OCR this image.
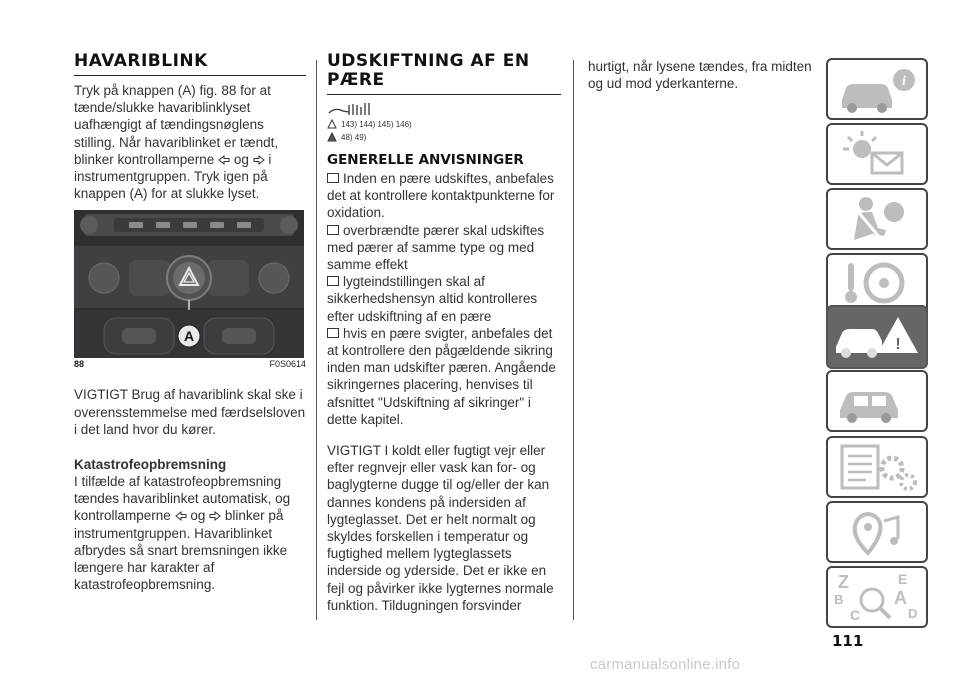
HAVARIBLINK

Tryk på knappen (A) fig. 88 for at tænde/slukke havariblinklyset uafhængigt af tændingsnøglens stilling. Når havariblinket er tændt, blinker kontrollamperne  og  i instrumentgruppen. Tryk igen på knappen (A) for at slukke lyset.

A
88	F0S0614

VIGTIGT Brug af havariblink skal ske i overensstemmelse med færdselsloven i det land hvor du kører.

Katastrofeopbremsning

I tilfælde af katastrofeopbremsning tændes havariblinket automatisk, og kontrollamperne  og  blinker på instrumentgruppen. Havariblinket afbrydes så snart bremsningen ikke længere har karakter af katastrofeopbremsning.

UDSKIFTNING AF EN PÆRE
143) 144) 145) 146)
48) 49)
GENERELLE ANVISNINGER

Inden en pære udskiftes, anbefales det at kontrollere kontaktpunkterne for oxidation.

overbrændte pærer skal udskiftes med pærer af samme type og med samme effekt

lygteindstillingen skal af sikkerhedshensyn altid kontrolleres efter udskiftning af en pære

hvis en pære svigter, anbefales det at kontrollere den pågældende sikring inden man udskifter pæren. Angående sikringernes placering, henvises til afsnittet "Udskiftning af sikringer" i dette kapitel.

VIGTIGT I koldt eller fugtigt vejr eller efter regnvejr eller vask kan for- og baglygterne dugge til og/eller der kan dannes kondens på indersiden af lygteglasset. Det er helt normalt og skyldes forskellen i temperatur og fugtighed mellem lygteglassets inderside og yderside. Det er ikke en fejl og påvirker ikke lygternes normale funktion. Tildugningen forsvinder

hurtigt, når lysene tændes, fra midten og ud mod yderkanterne.	i
!
Z	E
B	A
C	D
111
carmanualsonline.info
